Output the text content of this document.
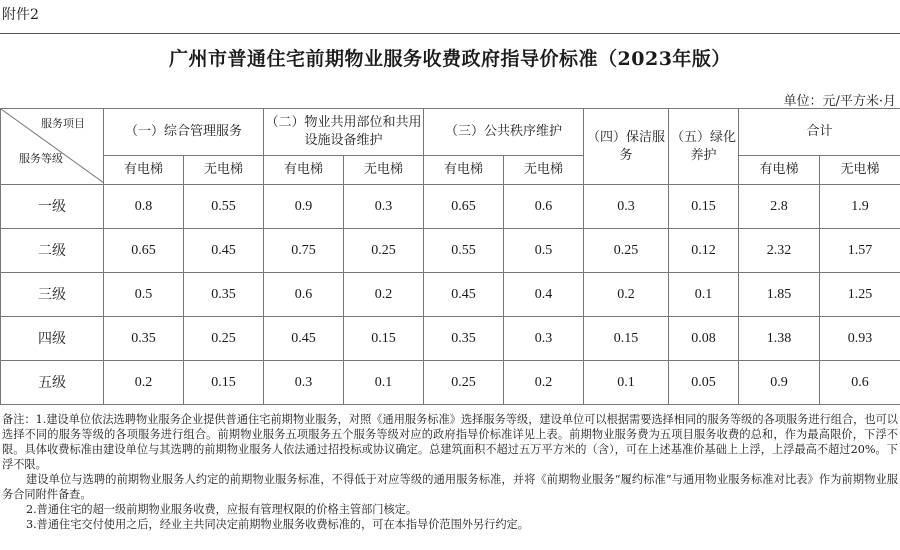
附件2
广州市普通住宅前期物业服务收费政府指导价标准（2023年版）
单位：元/平方米·月
服务项目
服务等级	（一）综合管理服务		（二）物业共用部位和共用设施设备维护		（三）公共秩序维护		（四）保洁服务	（五）绿化养护	合计	
	有电梯	无电梯	有电梯	无电梯	有电梯	无电梯			有电梯	无电梯
一级	0.8	0.55	0.9	0.3	0.65	0.6	0.3	0.15	2.8	1.9
二级	0.65	0.45	0.75	0.25	0.55	0.5	0.25	0.12	2.32	1.57
三级	0.5	0.35	0.6	0.2	0.45	0.4	0.2	0.1	1.85	1.25
四级	0.35	0.25	0.45	0.15	0.35	0.3	0.15	0.08	1.38	0.93
五级	0.2	0.15	0.3	0.1	0.25	0.2	0.1	0.05	0.9	0.6

备注：1.建设单位依法选聘物业服务企业提供普通住宅前期物业服务，对照《通用服务标准》选择服务等级，建设单位可以根据需要选择相同的服务等级的各项服务进行组合，也可以选择不同的服务等级的各项服务进行组合。前期物业服务五项服务五个服务等级对应的政府指导价标准详见上表。前期物业服务费为五项目服务收费的总和，作为最高限价，下浮不限。具体收费标准由建设单位与其选聘的前期物业服务人依法通过招投标或协议确定。总建筑面积不超过五万平方米的（含），可在上述基准价基础上上浮，上浮最高不超过20%。下浮不限。

建设单位与选聘的前期物业服务人约定的前期物业服务标准，不得低于对应等级的通用服务标准，并将《前期物业服务“履约标准”与通用物业服务标准对比表》作为前期物业服务合同附件备查。

2.普通住宅的超一级前期物业服务收费，应报有管理权限的价格主管部门核定。

3.普通住宅交付使用之后，经业主共同决定前期物业服务收费标准的，可在本指导价范围外另行约定。
